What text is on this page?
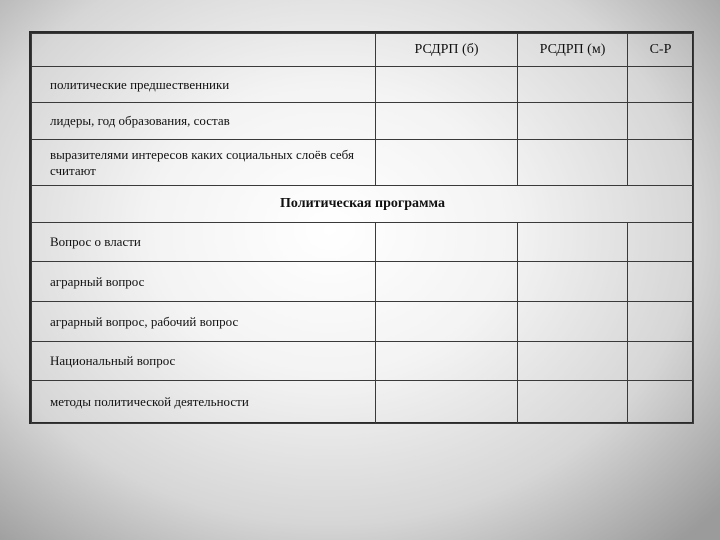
РСДРП (б)	РСДРП (м)	С-Р
политические предшественники
лидеры, год образования, состав
выразителями интересов каких социальных слоёв себя считают
Политическая программа
Вопрос о власти
аграрный вопрос
аграрный вопрос, рабочий вопрос
Национальный вопрос
методы политической деятельности
